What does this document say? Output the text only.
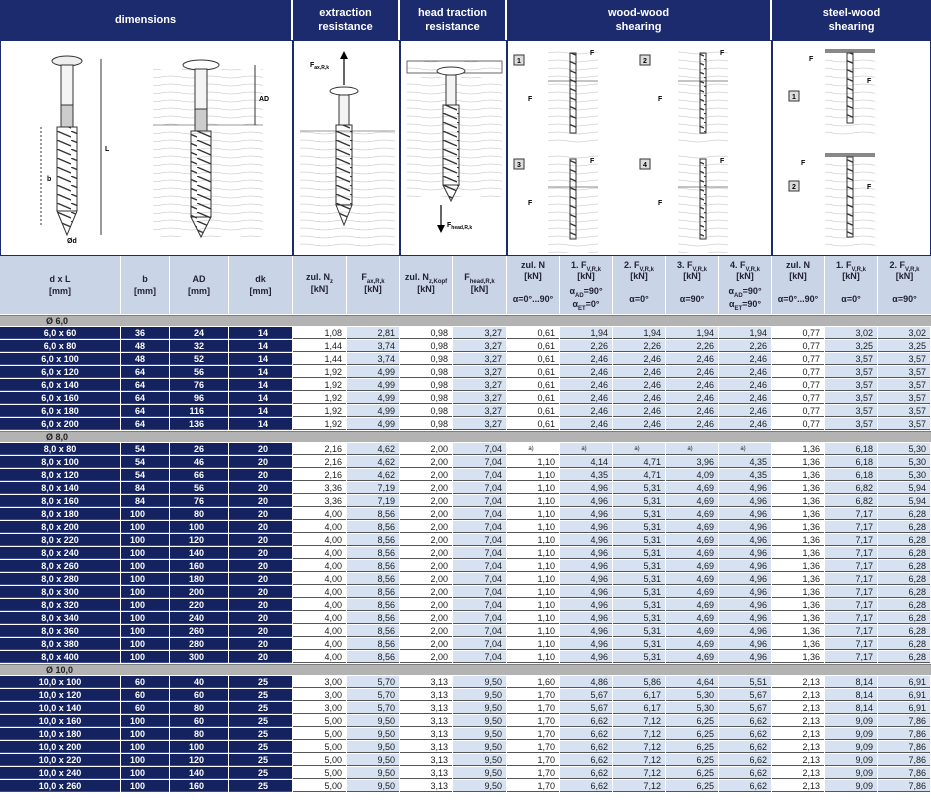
dimensions
extraction
resistance
head traction
resistance
wood-wood
shearing
steel-wood
shearing
b
L
Ød
AD
$F_{ax,R,k}$
$F_{head,R,k}$
1
F
F
2
F
F
3
F
F
4
F
F
1
F
F
2
F
F
d x L
[mm]
b
[mm]
AD
[mm]
dk
[mm]
zul. $N_z$
[kN]
$F_{ax,R,k}$
[kN]
zul. $N_{z,Kopf}$
[kN]
$F_{head,R,k}$
[kN]
zul. N
[kN]
α=0°...90°
1. $F_{V,R,k}$
[kN]
$\alpha_{AD}=90^\circ$
$\alpha_{ET}=0^\circ$
2. $F_{V,R,k}$
[kN]
α=0°
3. $F_{V,R,k}$
[kN]
α=90°
4. $F_{V,R,k}$
[kN]
$\alpha_{AD}=90^\circ$
$\alpha_{ET}=90^\circ$
zul. N
[kN]
α=0°...90°
1. $F_{V,R,k}$
[kN]
α=0°
2. $F_{V,R,k}$
[kN]
α=90°
Ø 6,0
6,0 x 60	36	24	14	1,08	2,81	0,98	3,27	0,61	1,94	1,94	1,94	1,94	0,77	3,02	3,02
6,0 x 80	48	32	14	1,44	3,74	0,98	3,27	0,61	2,26	2,26	2,26	2,26	0,77	3,25	3,25
6,0 x 100	48	52	14	1,44	3,74	0,98	3,27	0,61	2,46	2,46	2,46	2,46	0,77	3,57	3,57
6,0 x 120	64	56	14	1,92	4,99	0,98	3,27	0,61	2,46	2,46	2,46	2,46	0,77	3,57	3,57
6,0 x 140	64	76	14	1,92	4,99	0,98	3,27	0,61	2,46	2,46	2,46	2,46	0,77	3,57	3,57
6,0 x 160	64	96	14	1,92	4,99	0,98	3,27	0,61	2,46	2,46	2,46	2,46	0,77	3,57	3,57
6,0 x 180	64	116	14	1,92	4,99	0,98	3,27	0,61	2,46	2,46	2,46	2,46	0,77	3,57	3,57
6,0 x 200	64	136	14	1,92	4,99	0,98	3,27	0,61	2,46	2,46	2,46	2,46	0,77	3,57	3,57
Ø 8,0
8,0 x 80	54	26	20	2,16	4,62	2,00	7,04	a)	a)	a)	a)	a)	1,36	6,18	5,30
8,0 x 100	54	46	20	2,16	4,62	2,00	7,04	1,10	4,14	4,71	3,96	4,35	1,36	6,18	5,30
8,0 x 120	54	66	20	2,16	4,62	2,00	7,04	1,10	4,35	4,71	4,09	4,35	1,36	6,18	5,30
8,0 x 140	84	56	20	3,36	7,19	2,00	7,04	1,10	4,96	5,31	4,69	4,96	1,36	6,82	5,94
8,0 x 160	84	76	20	3,36	7,19	2,00	7,04	1,10	4,96	5,31	4,69	4,96	1,36	6,82	5,94
8,0 x 180	100	80	20	4,00	8,56	2,00	7,04	1,10	4,96	5,31	4,69	4,96	1,36	7,17	6,28
8,0 x 200	100	100	20	4,00	8,56	2,00	7,04	1,10	4,96	5,31	4,69	4,96	1,36	7,17	6,28
8,0 x 220	100	120	20	4,00	8,56	2,00	7,04	1,10	4,96	5,31	4,69	4,96	1,36	7,17	6,28
8,0 x 240	100	140	20	4,00	8,56	2,00	7,04	1,10	4,96	5,31	4,69	4,96	1,36	7,17	6,28
8,0 x 260	100	160	20	4,00	8,56	2,00	7,04	1,10	4,96	5,31	4,69	4,96	1,36	7,17	6,28
8,0 x 280	100	180	20	4,00	8,56	2,00	7,04	1,10	4,96	5,31	4,69	4,96	1,36	7,17	6,28
8,0 x 300	100	200	20	4,00	8,56	2,00	7,04	1,10	4,96	5,31	4,69	4,96	1,36	7,17	6,28
8,0 x 320	100	220	20	4,00	8,56	2,00	7,04	1,10	4,96	5,31	4,69	4,96	1,36	7,17	6,28
8,0 x 340	100	240	20	4,00	8,56	2,00	7,04	1,10	4,96	5,31	4,69	4,96	1,36	7,17	6,28
8,0 x 360	100	260	20	4,00	8,56	2,00	7,04	1,10	4,96	5,31	4,69	4,96	1,36	7,17	6,28
8,0 x 380	100	280	20	4,00	8,56	2,00	7,04	1,10	4,96	5,31	4,69	4,96	1,36	7,17	6,28
8,0 x 400	100	300	20	4,00	8,56	2,00	7,04	1,10	4,96	5,31	4,69	4,96	1,36	7,17	6,28
Ø 10,0
10,0 x 100	60	40	25	3,00	5,70	3,13	9,50	1,60	4,86	5,86	4,64	5,51	2,13	8,14	6,91
10,0 x 120	60	60	25	3,00	5,70	3,13	9,50	1,70	5,67	6,17	5,30	5,67	2,13	8,14	6,91
10,0 x 140	60	80	25	3,00	5,70	3,13	9,50	1,70	5,67	6,17	5,30	5,67	2,13	8,14	6,91
10,0 x 160	100	60	25	5,00	9,50	3,13	9,50	1,70	6,62	7,12	6,25	6,62	2,13	9,09	7,86
10,0 x 180	100	80	25	5,00	9,50	3,13	9,50	1,70	6,62	7,12	6,25	6,62	2,13	9,09	7,86
10,0 x 200	100	100	25	5,00	9,50	3,13	9,50	1,70	6,62	7,12	6,25	6,62	2,13	9,09	7,86
10,0 x 220	100	120	25	5,00	9,50	3,13	9,50	1,70	6,62	7,12	6,25	6,62	2,13	9,09	7,86
10,0 x 240	100	140	25	5,00	9,50	3,13	9,50	1,70	6,62	7,12	6,25	6,62	2,13	9,09	7,86
10,0 x 260	100	160	25	5,00	9,50	3,13	9,50	1,70	6,62	7,12	6,25	6,62	2,13	9,09	7,86
